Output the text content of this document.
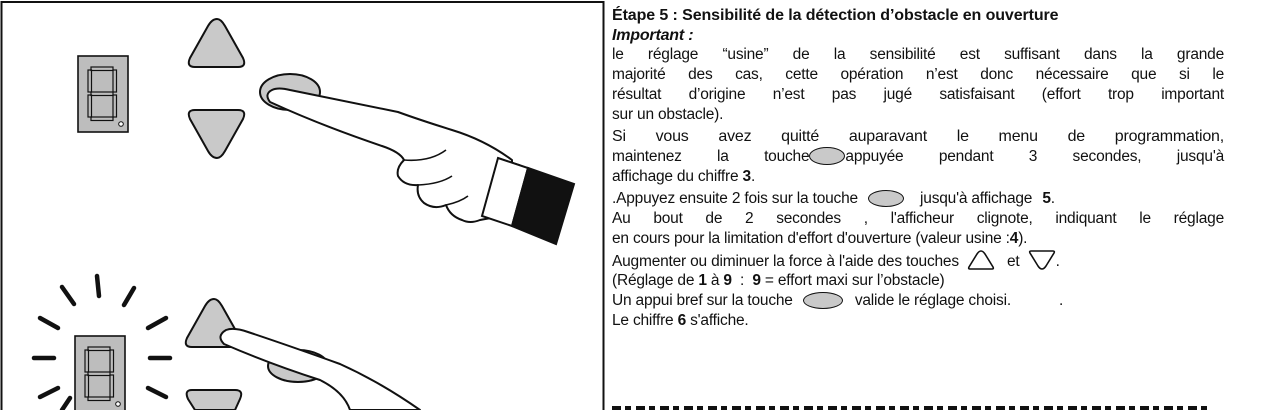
Étape 5 : Sensibilité de la détection d’obstacle en ouverture
Important :
le réglage “usine” de la sensibilité est suffisant dans la grande
majorité des cas, cette opération n’est donc nécessaire que si le
résultat d’origine n’est pas jugé satisfaisant (effort trop important
sur un obstacle).
Si vous avez quitté auparavant le menu de programmation,
maintenez la touche appuyée pendant 3 secondes, jusqu'à
affichage du chiffre 3.
.Appuyez ensuite 2 fois sur la touche	jusqu'à affichage 5.
Au bout de 2 secondes , l'afficheur clignote, indiquant le réglage
en cours pour la limitation d'effort d'ouverture (valeur usine :4).
Augmenter ou diminuer la force à l'aide des touches	et .
(Réglage de 1 à 9  :  9 = effort maxi sur l’obstacle)
Un appui bref sur la touche	valide le réglage choisi.	.
Le chiffre 6 s'affiche.
